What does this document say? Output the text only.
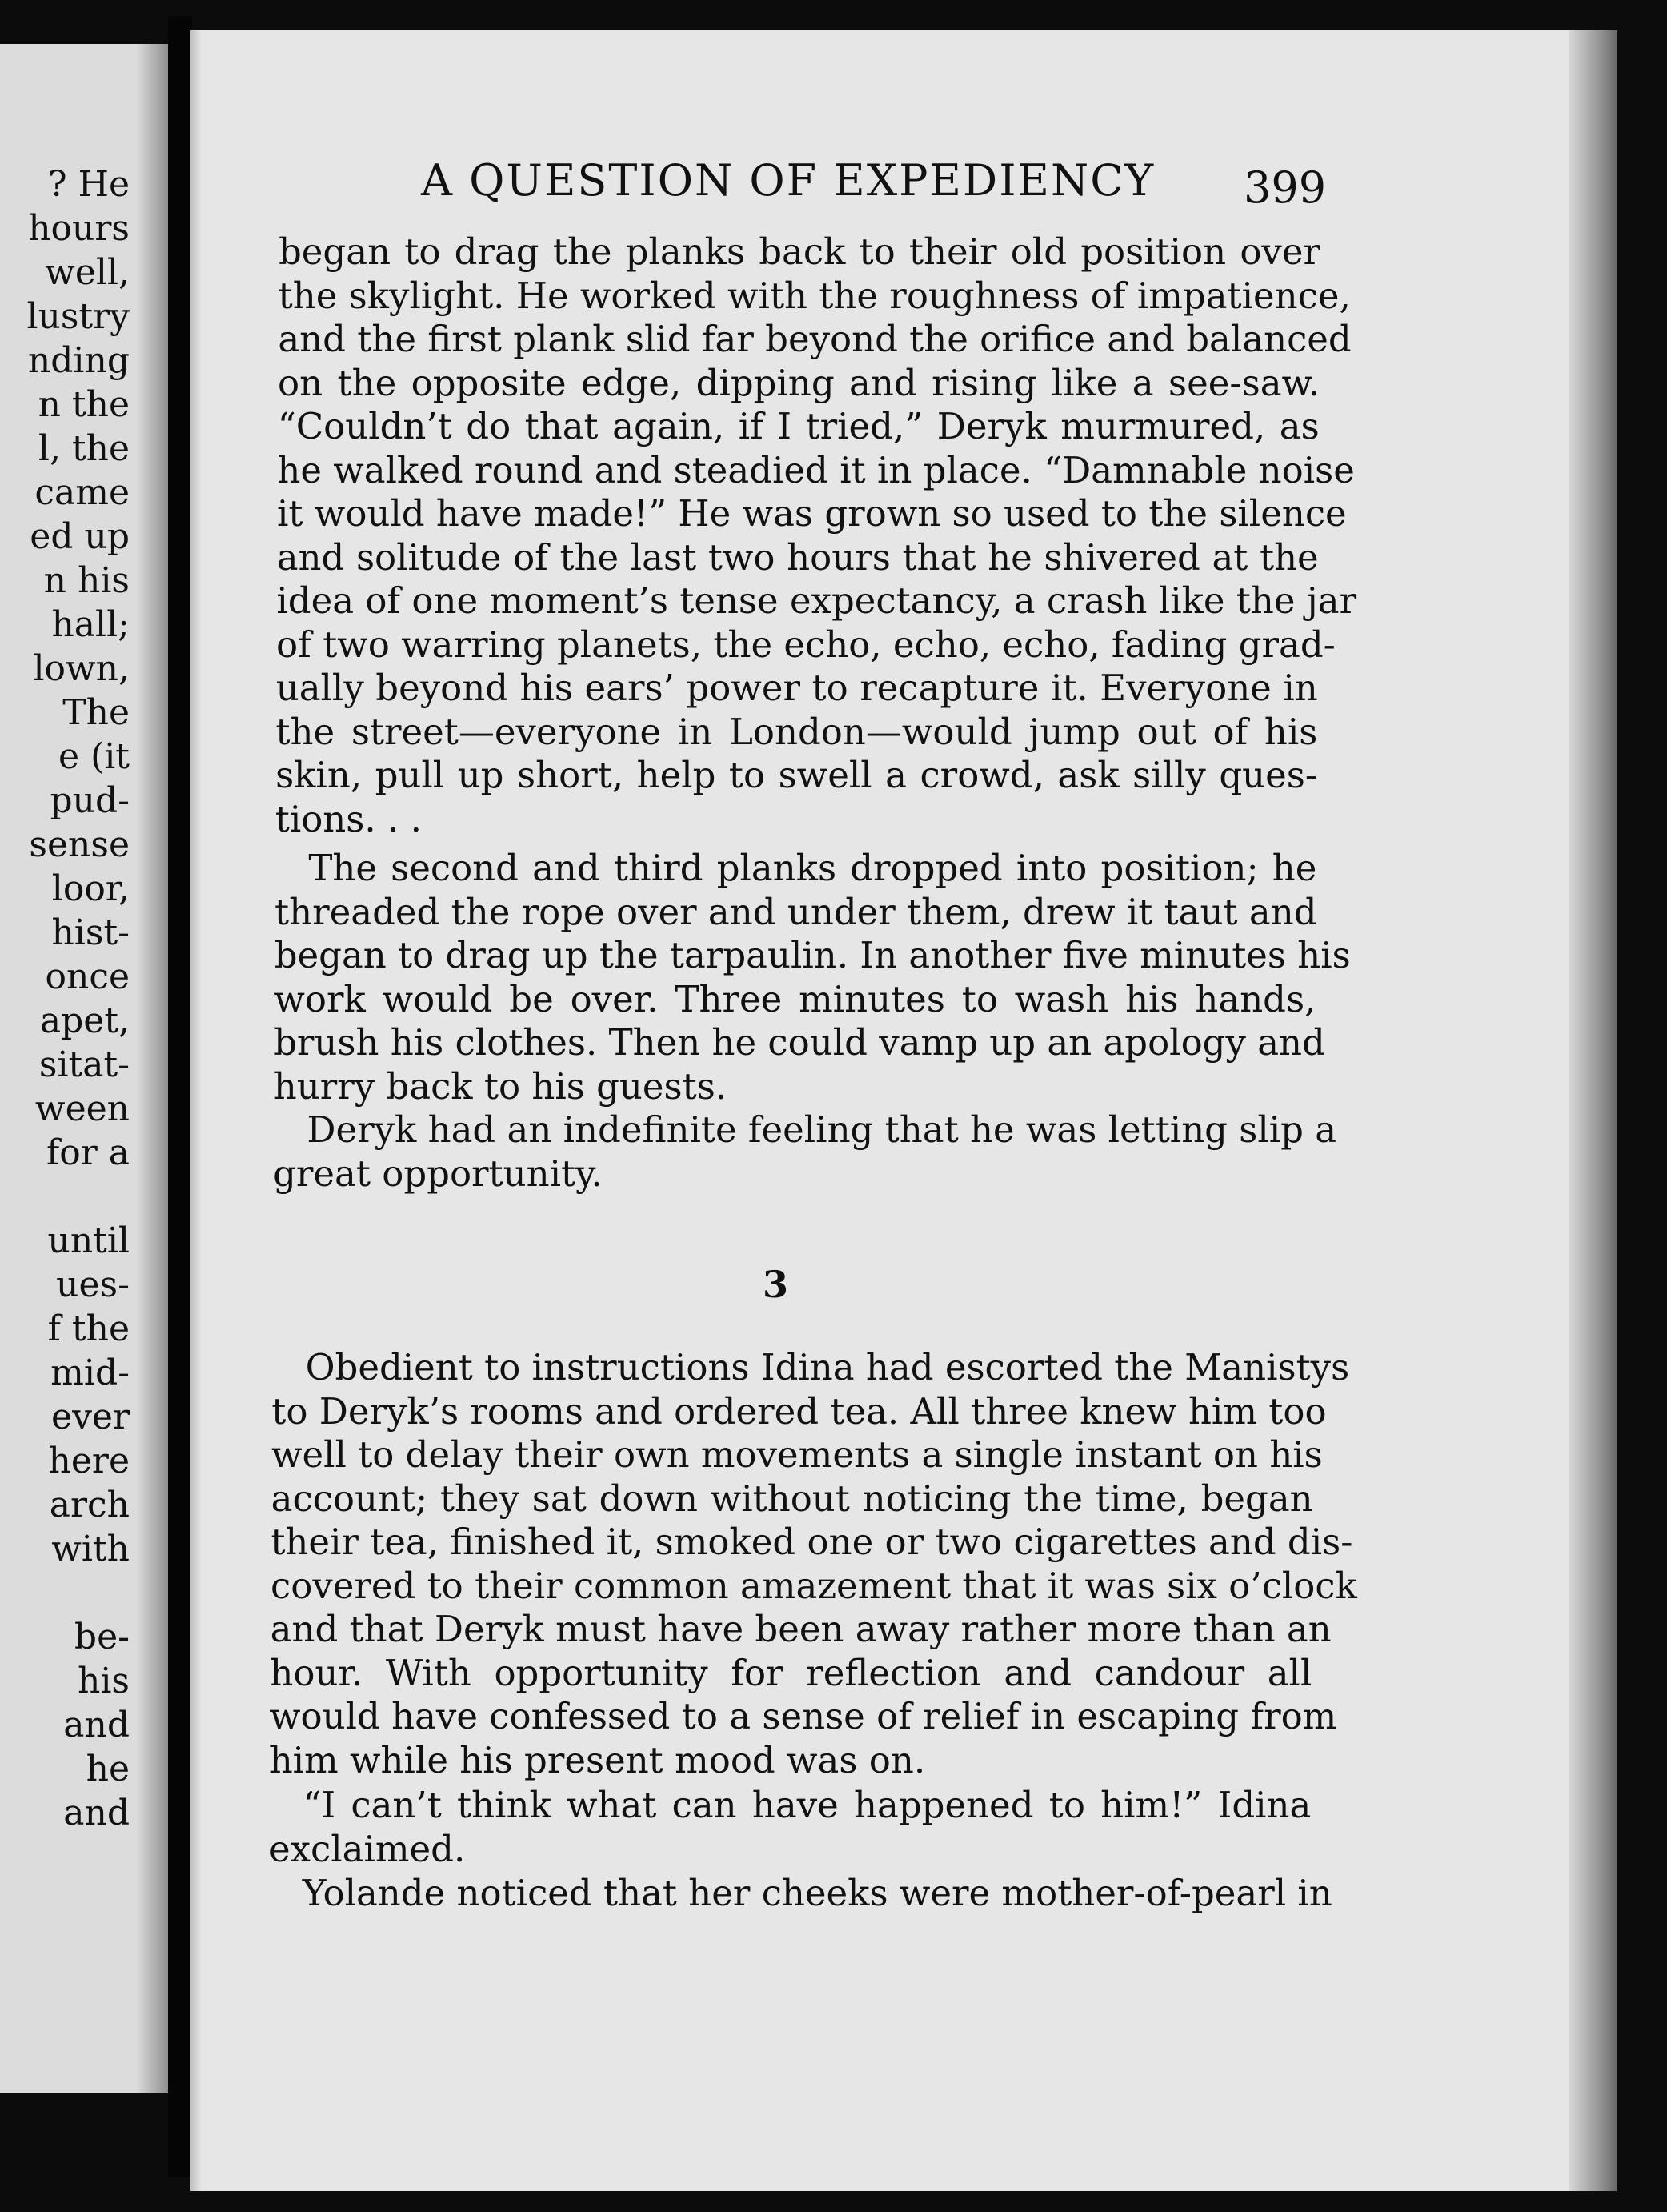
? He
hours
well,
lustry
nding
n the
l, the
came
ed up
n his
hall;
lown,
The
e (it
pud-
sense
loor,
hist-
once
apet,
sitat-
ween
for a
until
ues-
f the
mid-
ever
here
arch
with
be-
his
and
he
and
A QUESTION OF EXPEDIENCY 399
began to drag the planks back to their old position over
the skylight. He worked with the roughness of impatience,
and the first plank slid far beyond the orifice and balanced
on the opposite edge, dipping and rising like a see-saw.
“Couldn’t do that again, if I tried,” Deryk murmured, as
he walked round and steadied it in place. “Damnable noise
it would have made!” He was grown so used to the silence
and solitude of the last two hours that he shivered at the
idea of one moment’s tense expectancy, a crash like the jar
of two warring planets, the echo, echo, echo, fading grad-
ually beyond his ears’ power to recapture it. Everyone in
the street—everyone in London—would jump out of his
skin, pull up short, help to swell a crowd, ask silly ques-
tions. . .
The second and third planks dropped into position; he
threaded the rope over and under them, drew it taut and
began to drag up the tarpaulin. In another five minutes his
work would be over. Three minutes to wash his hands,
brush his clothes. Then he could vamp up an apology and
hurry back to his guests.
Deryk had an indefinite feeling that he was letting slip a
great opportunity.
Obedient to instructions Idina had escorted the Manistys
to Deryk’s rooms and ordered tea. All three knew him too
well to delay their own movements a single instant on his
account; they sat down without noticing the time, began
their tea, finished it, smoked one or two cigarettes and dis-
covered to their common amazement that it was six o’clock
and that Deryk must have been away rather more than an
hour. With opportunity for reflection and candour all
would have confessed to a sense of relief in escaping from
him while his present mood was on.
“I can’t think what can have happened to him!” Idina
exclaimed.
Yolande noticed that her cheeks were mother-of-pearl in
3
